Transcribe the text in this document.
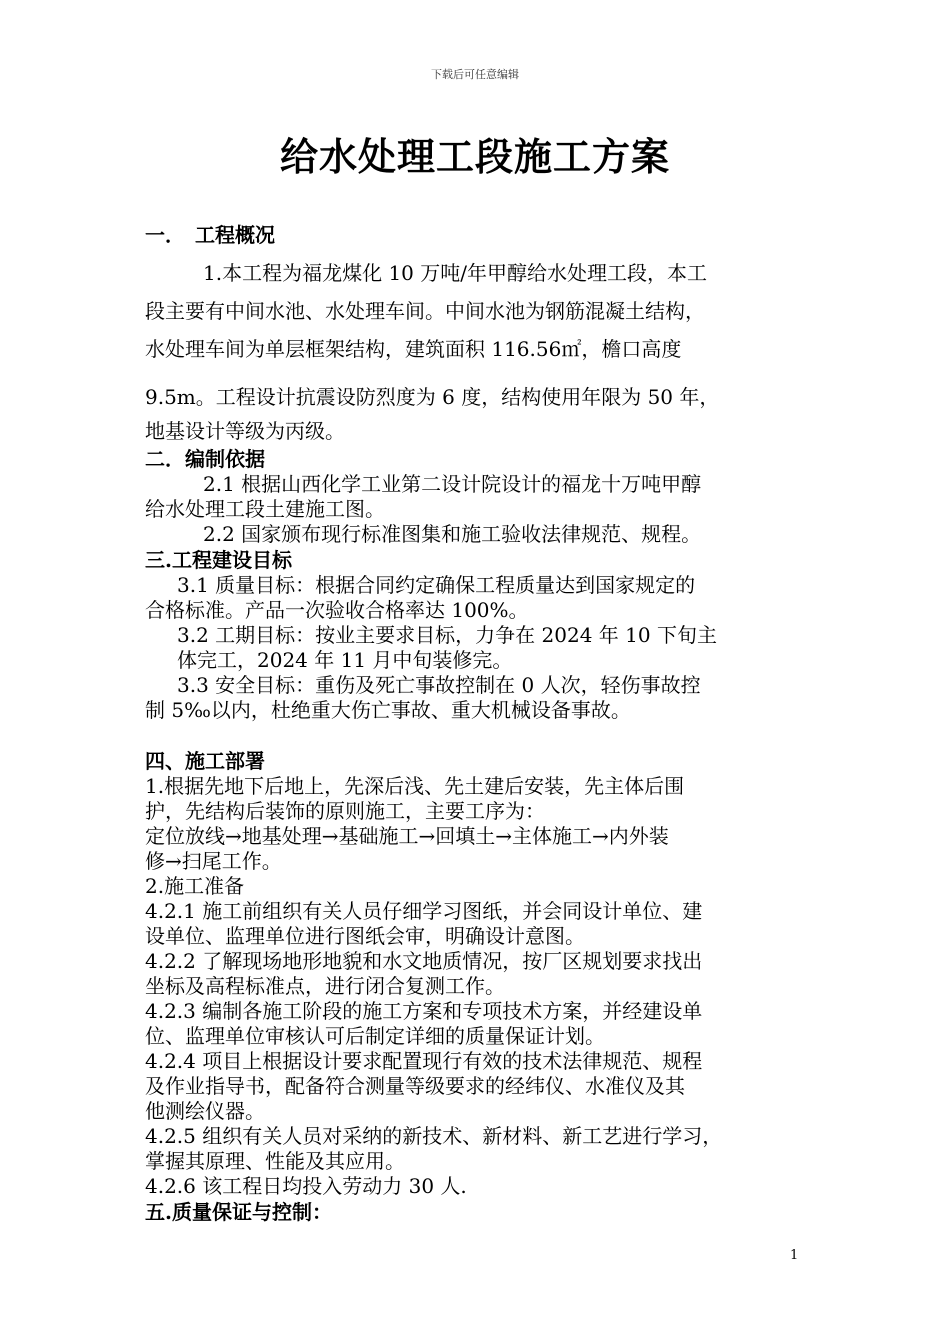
下载后可任意编辑
给水处理工段施工方案
一．　工程概况
1.本工程为福龙煤化 10 万吨/年甲醇给水处理工段，本工
段主要有中间水池、水处理车间。中间水池为钢筋混凝土结构，
水处理车间为单层框架结构，建筑面积 116.56㎡，檐口高度
9.5m。工程设计抗震设防烈度为 6 度，结构使用年限为 50 年，
地基设计等级为丙级。
二．编制依据
2.1 根据山西化学工业第二设计院设计的福龙十万吨甲醇
给水处理工段土建施工图。
2.2 国家颁布现行标准图集和施工验收法律规范、规程。
三.工程建设目标
3.1 质量目标：根据合同约定确保工程质量达到国家规定的
合格标准。产品一次验收合格率达 100%。
3.2 工期目标：按业主要求目标，力争在 2024 年 10 下旬主
体完工，2024 年 11 月中旬装修完。
3.3 安全目标：重伤及死亡事故控制在 0 人次，轻伤事故控
制 5‰以内，杜绝重大伤亡事故、重大机械设备事故。
四、施工部署
1.根据先地下后地上，先深后浅、先土建后安装，先主体后围
护，先结构后装饰的原则施工，主要工序为：
定位放线→地基处理→基础施工→回填土→主体施工→内外装
修→扫尾工作。
2.施工准备
4.2.1 施工前组织有关人员仔细学习图纸，并会同设计单位、建
设单位、监理单位进行图纸会审，明确设计意图。
4.2.2 了解现场地形地貌和水文地质情况，按厂区规划要求找出
坐标及高程标准点，进行闭合复测工作。
4.2.3 编制各施工阶段的施工方案和专项技术方案，并经建设单
位、监理单位审核认可后制定详细的质量保证计划。
4.2.4 项目上根据设计要求配置现行有效的技术法律规范、规程
及作业指导书，配备符合测量等级要求的经纬仪、水准仪及其
他测绘仪器。
4.2.5 组织有关人员对采纳的新技术、新材料、新工艺进行学习，
掌握其原理、性能及其应用。
4.2.6 该工程日均投入劳动力 30 人.
五.质量保证与控制：
1
